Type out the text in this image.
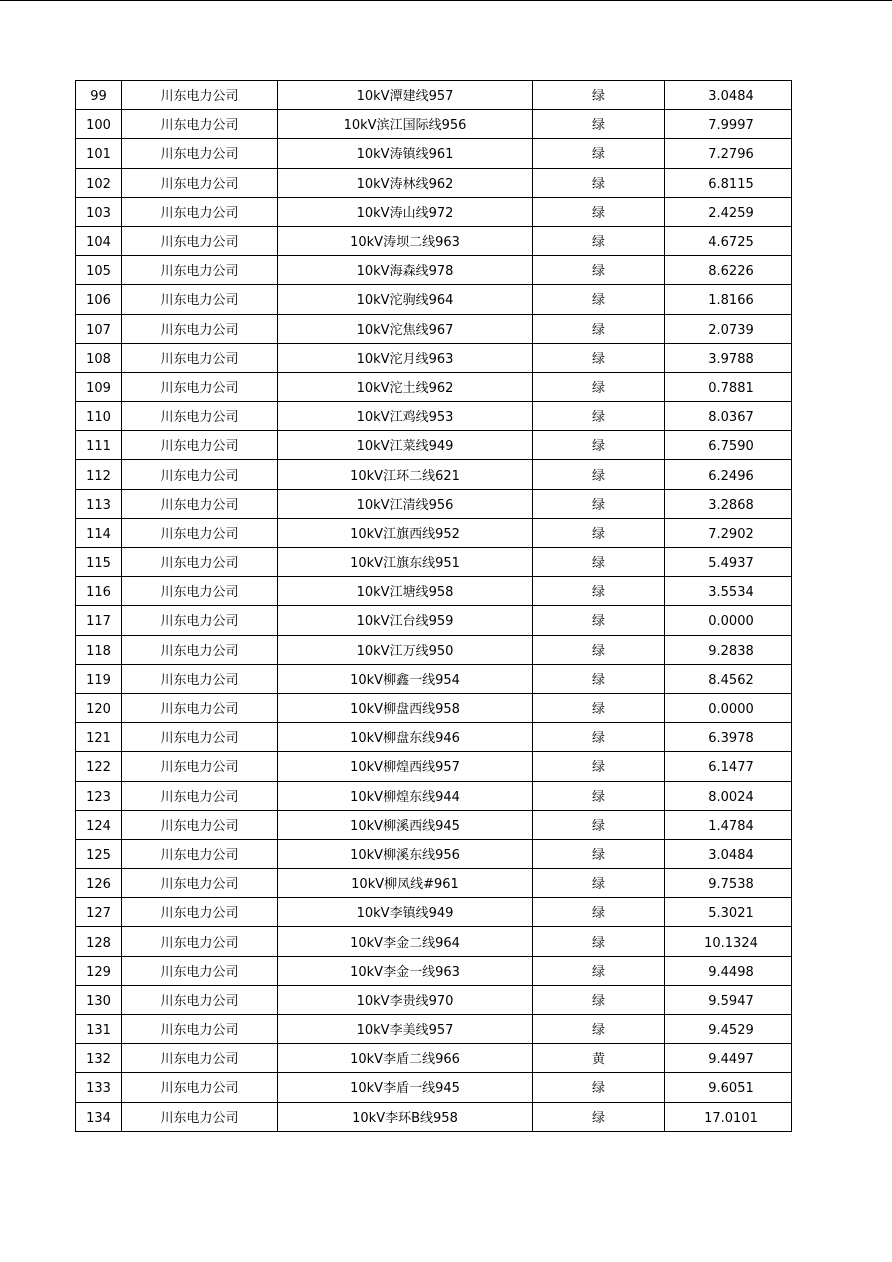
99	川东电力公司	10kV潭建线957	绿	3.0484
100	川东电力公司	10kV滨江国际线956	绿	7.9997
101	川东电力公司	10kV涛镇线961	绿	7.2796
102	川东电力公司	10kV涛林线962	绿	6.8115
103	川东电力公司	10kV涛山线972	绿	2.4259
104	川东电力公司	10kV涛坝二线963	绿	4.6725
105	川东电力公司	10kV海森线978	绿	8.6226
106	川东电力公司	10kV沱驹线964	绿	1.8166
107	川东电力公司	10kV沱焦线967	绿	2.0739
108	川东电力公司	10kV沱月线963	绿	3.9788
109	川东电力公司	10kV沱土线962	绿	0.7881
110	川东电力公司	10kV江鸡线953	绿	8.0367
111	川东电力公司	10kV江菜线949	绿	6.7590
112	川东电力公司	10kV江环二线621	绿	6.2496
113	川东电力公司	10kV江清线956	绿	3.2868
114	川东电力公司	10kV江旗西线952	绿	7.2902
115	川东电力公司	10kV江旗东线951	绿	5.4937
116	川东电力公司	10kV江塘线958	绿	3.5534
117	川东电力公司	10kV江台线959	绿	0.0000
118	川东电力公司	10kV江万线950	绿	9.2838
119	川东电力公司	10kV柳鑫一线954	绿	8.4562
120	川东电力公司	10kV柳盘西线958	绿	0.0000
121	川东电力公司	10kV柳盘东线946	绿	6.3978
122	川东电力公司	10kV柳煌西线957	绿	6.1477
123	川东电力公司	10kV柳煌东线944	绿	8.0024
124	川东电力公司	10kV柳溪西线945	绿	1.4784
125	川东电力公司	10kV柳溪东线956	绿	3.0484
126	川东电力公司	10kV柳凤线#961	绿	9.7538
127	川东电力公司	10kV李镇线949	绿	5.3021
128	川东电力公司	10kV李金二线964	绿	10.1324
129	川东电力公司	10kV李金一线963	绿	9.4498
130	川东电力公司	10kV李贵线970	绿	9.5947
131	川东电力公司	10kV李美线957	绿	9.4529
132	川东电力公司	10kV李盾二线966	黄	9.4497
133	川东电力公司	10kV李盾一线945	绿	9.6051
134	川东电力公司	10kV李环B线958	绿	17.0101
